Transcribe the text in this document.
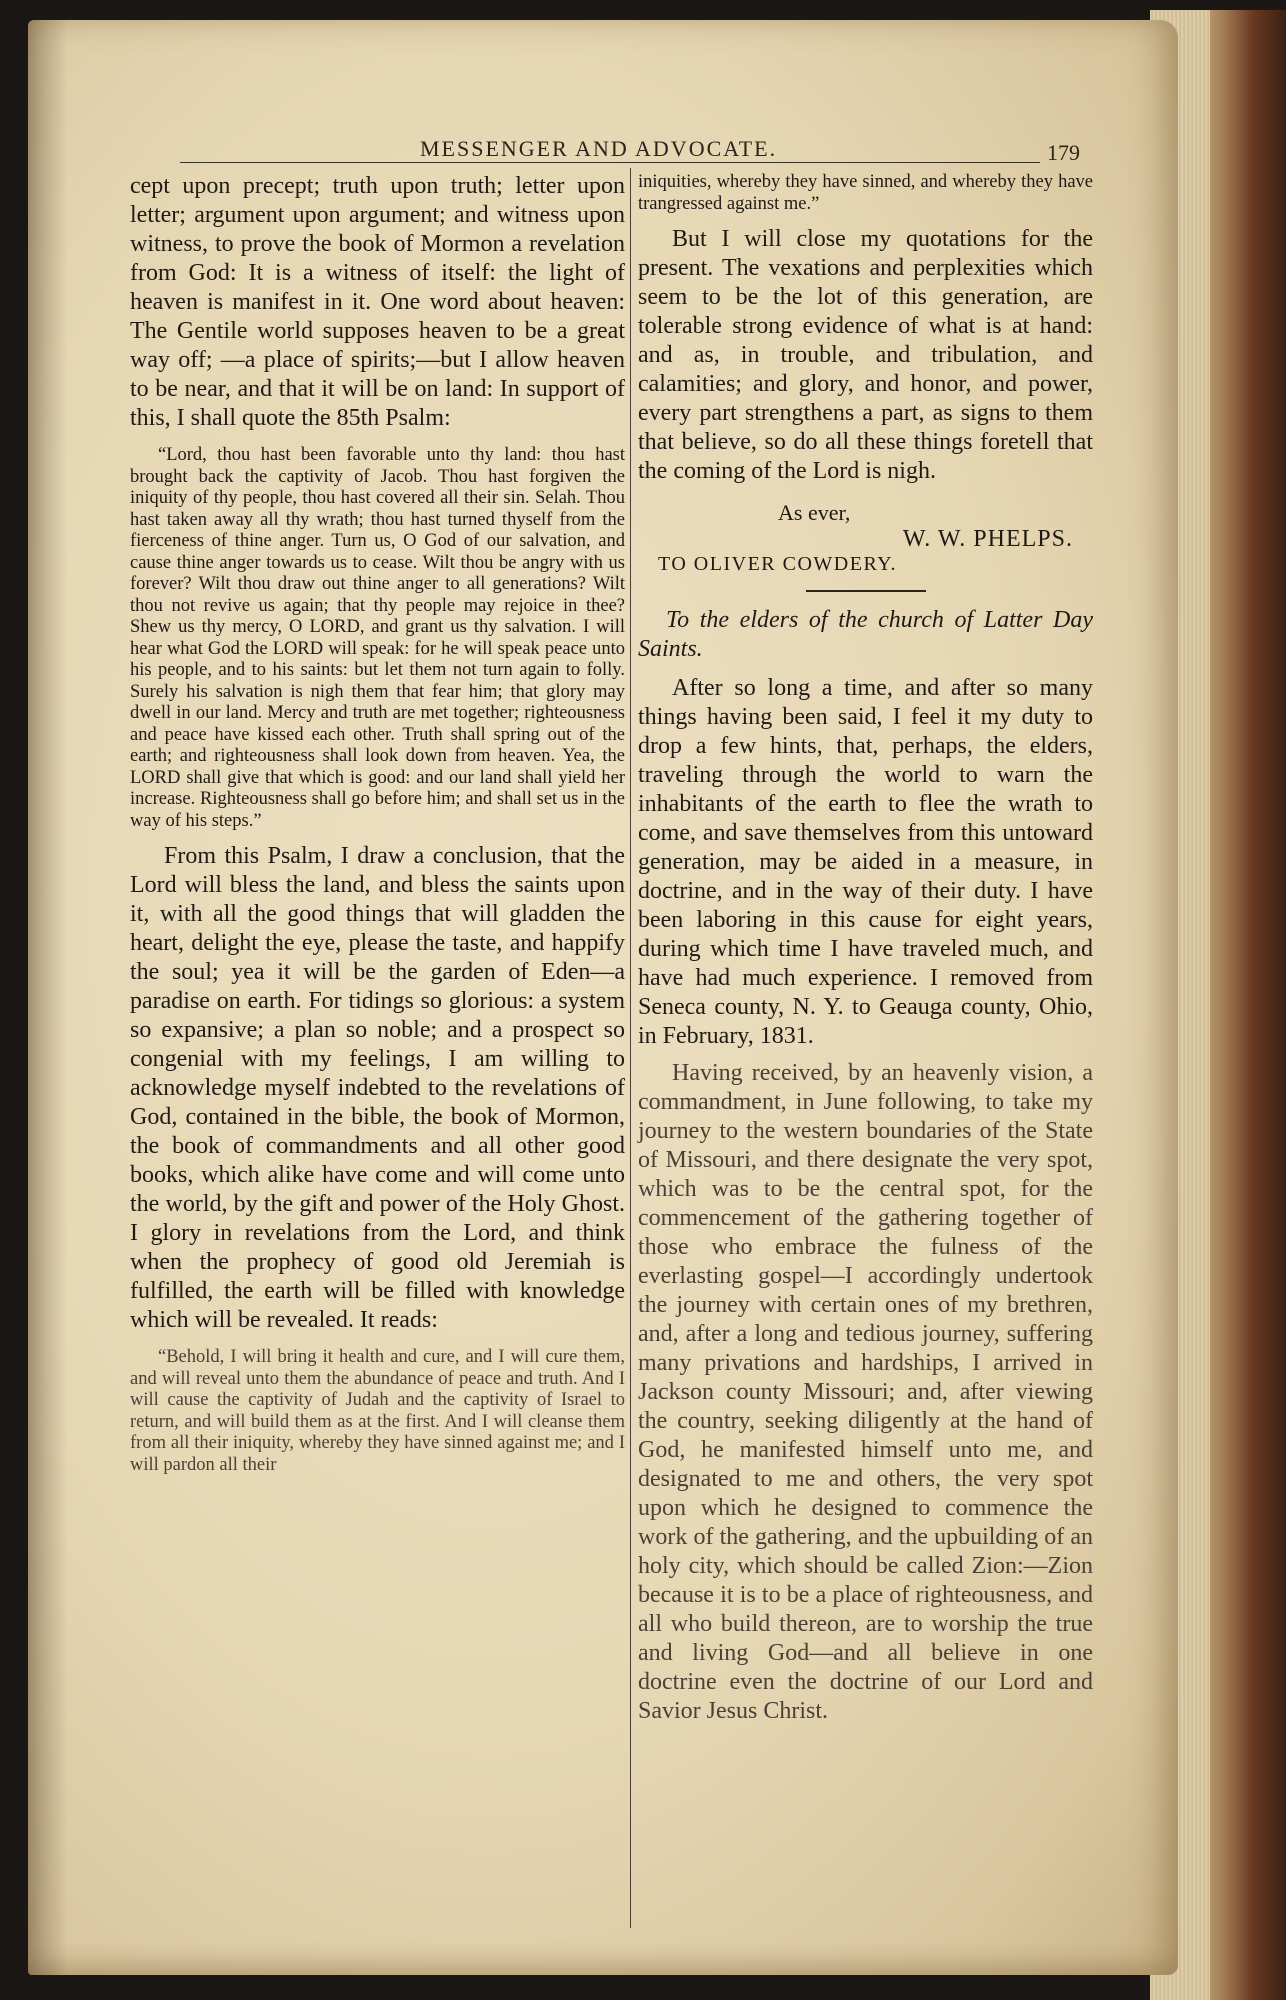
MESSENGER AND ADVOCATE.	179

cept upon precept; truth upon truth; letter upon letter; argument upon argument; and witness upon witness, to prove the book of Mormon a revelation from God: It is a witness of itself: the light of heaven is manifest in it. One word about heaven: The Gentile world supposes heaven to be a great way off; —a place of spirits;—but I allow heaven to be near, and that it will be on land: In support of this, I shall quote the 85th Psalm:

“Lord, thou hast been favorable unto thy land: thou hast brought back the captivity of Jacob. Thou hast forgiven the iniquity of thy people, thou hast covered all their sin. Selah. Thou hast taken away all thy wrath; thou hast turned thyself from the fierceness of thine anger. Turn us, O God of our salvation, and cause thine anger towards us to cease. Wilt thou be angry with us forever? Wilt thou draw out thine anger to all generations? Wilt thou not revive us again; that thy people may rejoice in thee? Shew us thy mercy, O LORD, and grant us thy salvation. I will hear what God the LORD will speak: for he will speak peace unto his people, and to his saints: but let them not turn again to folly. Surely his salvation is nigh them that fear him; that glory may dwell in our land. Mercy and truth are met together; righteousness and peace have kissed each other. Truth shall spring out of the earth; and righteousness shall look down from heaven. Yea, the LORD shall give that which is good: and our land shall yield her increase. Righteousness shall go before him; and shall set us in the way of his steps.”

From this Psalm, I draw a conclusion, that the Lord will bless the land, and bless the saints upon it, with all the good things that will gladden the heart, delight the eye, please the taste, and happify the soul; yea it will be the garden of Eden—a paradise on earth. For tidings so glorious: a system so expansive; a plan so noble; and a prospect so congenial with my feelings, I am willing to acknowledge myself indebted to the revelations of God, contained in the bible, the book of Mormon, the book of commandments and all other good books, which alike have come and will come unto the world, by the gift and power of the Holy Ghost. I glory in revelations from the Lord, and think when the prophecy of good old Jeremiah is fulfilled, the earth will be filled with knowledge which will be revealed. It reads:

“Behold, I will bring it health and cure, and I will cure them, and will reveal unto them the abundance of peace and truth. And I will cause the captivity of Judah and the captivity of Israel to return, and will build them as at the first. And I will cleanse them from all their iniquity, whereby they have sinned against me; and I will pardon all their

iniquities, whereby they have sinned, and whereby they have trangressed against me.”

But I will close my quotations for the present. The vexations and perplexities which seem to be the lot of this generation, are tolerable strong evidence of what is at hand: and as, in trouble, and tribulation, and calamities; and glory, and honor, and power, every part strengthens a part, as signs to them that believe, so do all these things foretell that the coming of the Lord is nigh.

As ever,

W. W. PHELPS.

TO OLIVER COWDERY.

To the elders of the church of Latter Day Saints.

After so long a time, and after so many things having been said, I feel it my duty to drop a few hints, that, perhaps, the elders, traveling through the world to warn the inhabitants of the earth to flee the wrath to come, and save themselves from this untoward generation, may be aided in a measure, in doctrine, and in the way of their duty. I have been laboring in this cause for eight years, during which time I have traveled much, and have had much experience. I removed from Seneca county, N. Y. to Geauga county, Ohio, in February, 1831.

Having received, by an heavenly vision, a commandment, in June following, to take my journey to the western boundaries of the State of Missouri, and there designate the very spot, which was to be the central spot, for the commencement of the gathering together of those who embrace the fulness of the everlasting gospel—I accordingly undertook the journey with certain ones of my brethren, and, after a long and tedious journey, suffering many privations and hardships, I arrived in Jackson county Missouri; and, after viewing the country, seeking diligently at the hand of God, he manifested himself unto me, and designated to me and others, the very spot upon which he designed to commence the work of the gathering, and the upbuilding of an holy city, which should be called Zion:—Zion because it is to be a place of righteousness, and all who build thereon, are to worship the true and living God—and all believe in one doctrine even the doctrine of our Lord and Savior Jesus Christ.
